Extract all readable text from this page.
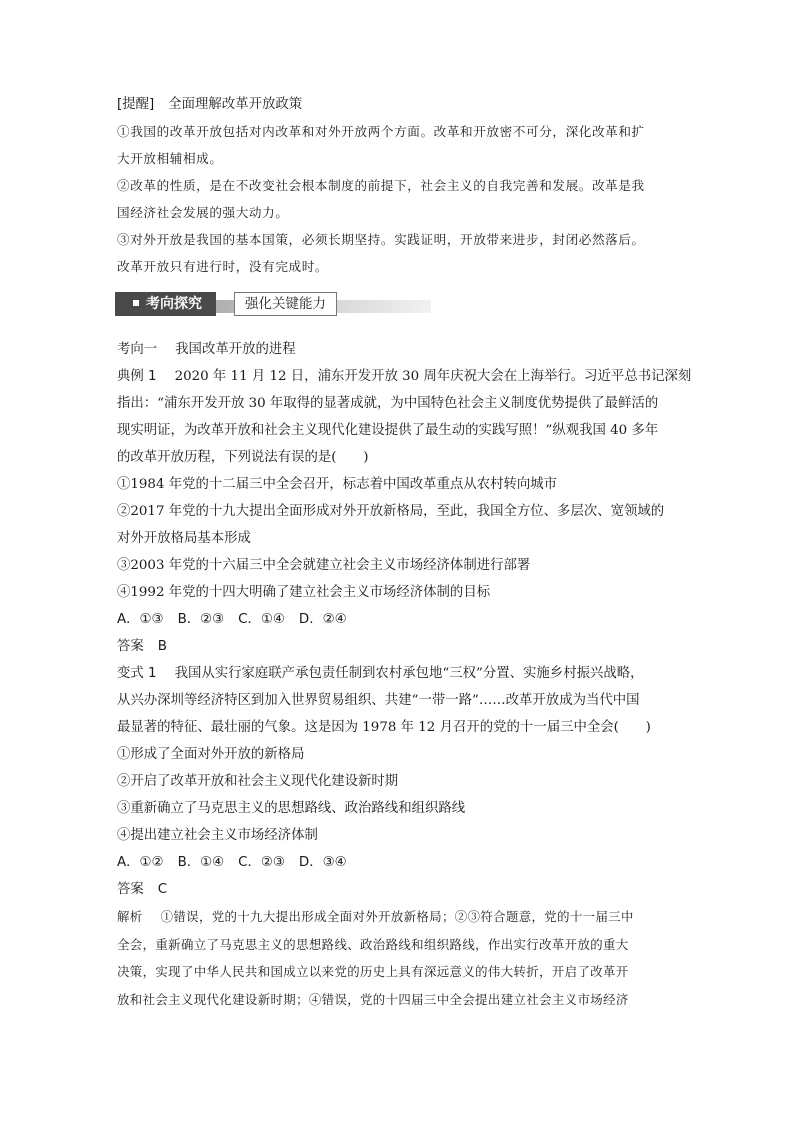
[提醒] 全面理解改革开放政策

①我国的改革开放包括对内改革和对外开放两个方面。改革和开放密不可分，深化改革和扩

大开放相辅相成。

②改革的性质，是在不改变社会根本制度的前提下，社会主义的自我完善和发展。改革是我

国经济社会发展的强大动力。

③对外开放是我国的基本国策，必须长期坚持。实践证明，开放带来进步，封闭必然落后。

改革开放只有进行时，没有完成时。

考向探究	强化关键能力

考向一 我国改革开放的进程

典例 1 2020 年 11 月 12 日，浦东开发开放 30 周年庆祝大会在上海举行。习近平总书记深刻

指出：“浦东开发开放 30 年取得的显著成就，为中国特色社会主义制度优势提供了最鲜活的

现实明证，为改革开放和社会主义现代化建设提供了最生动的实践写照！”纵观我国 40 多年

的改革开放历程，下列说法有误的是(　　)

①1984 年党的十二届三中全会召开，标志着中国改革重点从农村转向城市

②2017 年党的十九大提出全面形成对外开放新格局，至此，我国全方位、多层次、宽领域的

对外开放格局基本形成

③2003 年党的十六届三中全会就建立社会主义市场经济体制进行部署

④1992 年党的十四大明确了建立社会主义市场经济体制的目标

A．①③ B．②③ C．①④ D．②④

答案 B

变式 1 我国从实行家庭联产承包责任制到农村承包地“三权”分置、实施乡村振兴战略，

从兴办深圳等经济特区到加入世界贸易组织、共建“一带一路”……改革开放成为当代中国

最显著的特征、最壮丽的气象。这是因为 1978 年 12 月召开的党的十一届三中全会(　　)

①形成了全面对外开放的新格局

②开启了改革开放和社会主义现代化建设新时期

③重新确立了马克思主义的思想路线、政治路线和组织路线

④提出建立社会主义市场经济体制

A．①② B．①④ C．②③ D．③④

答案 C

解析 ①错误，党的十九大提出形成全面对外开放新格局；②③符合题意，党的十一届三中

全会，重新确立了马克思主义的思想路线、政治路线和组织路线，作出实行改革开放的重大

决策，实现了中华人民共和国成立以来党的历史上具有深远意义的伟大转折，开启了改革开

放和社会主义现代化建设新时期；④错误，党的十四届三中全会提出建立社会主义市场经济
